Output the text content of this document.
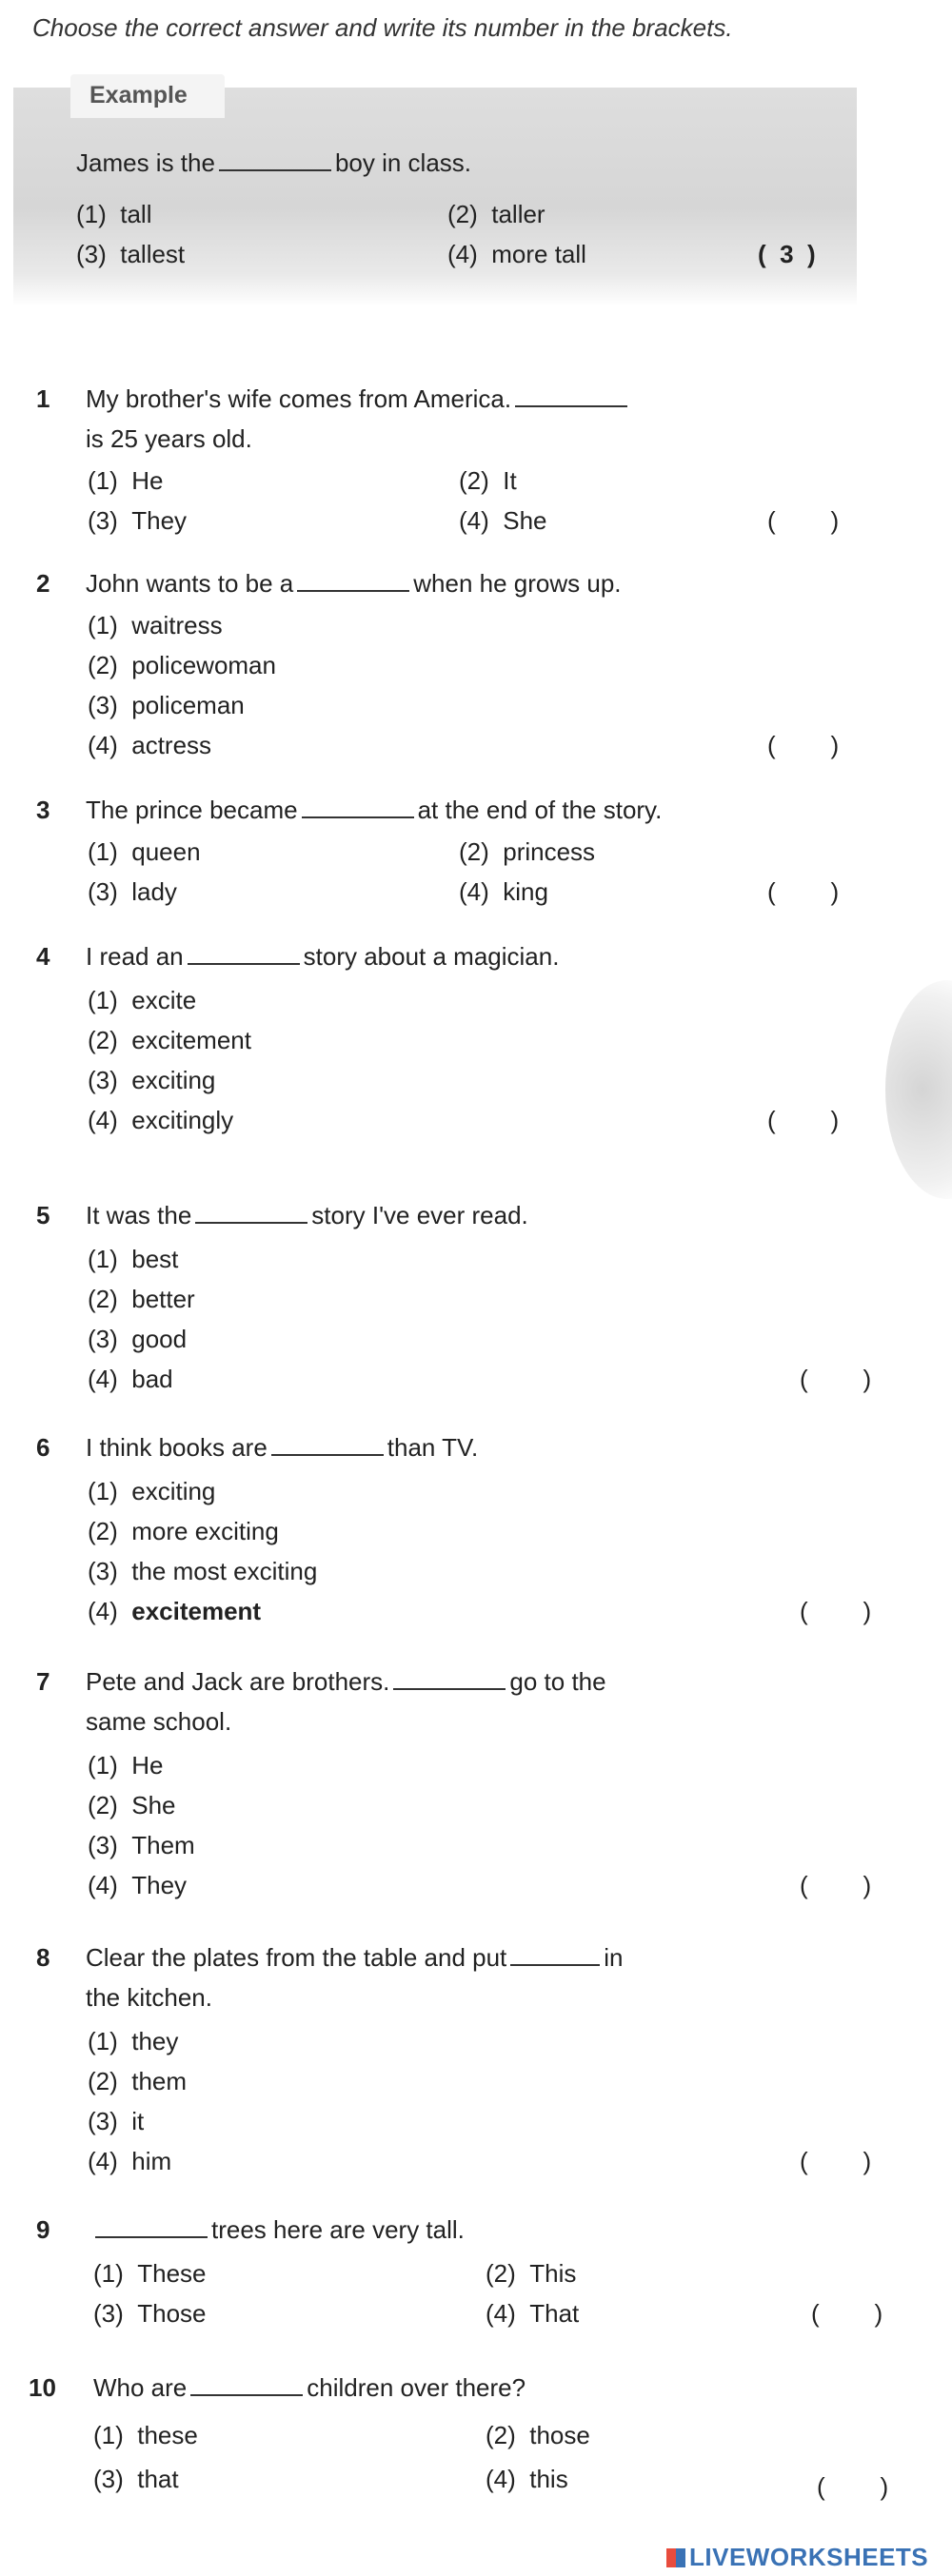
Choose the correct answer and write its number in the brackets.

Example
James is the	boy in class.
(1) tall	(2) taller
(3) tallest	(4) more tall	(  3  )
1 My brother's wife comes from America.
is 25 years old.
(1) He	(2) It
(3) They	(4) She	(        )
2 John wants to be a	when he grows up.
(1) waitress
(2) policewoman
(3) policeman
(4) actress	(        )
3 The prince became	at the end of the story.
(1) queen	(2) princess
(3) lady	(4) king	(        )
4 I read an	story about a magician.
(1) excite
(2) excitement
(3) exciting
(4) excitingly	(        )
5 It was the	story I've ever read.
(1) best
(2) better
(3) good
(4) bad	(        )
6 I think books are	than TV.
(1) exciting
(2) more exciting
(3) the most exciting
(4) excitement	(        )
7 Pete and Jack are brothers.	go to the
same school.
(1) He
(2) She
(3) Them
(4) They	(        )
8 Clear the plates from the table and put	in
the kitchen.
(1) they
(2) them
(3) it
(4) him	(        )
9	trees here are very tall.
(1) These	(2) This
(3) Those	(4) That	(        )
10 Who are	children over there?
(1) these	(2) those
(3) that	(4) this	(        )
LIVEWORKSHEETS
